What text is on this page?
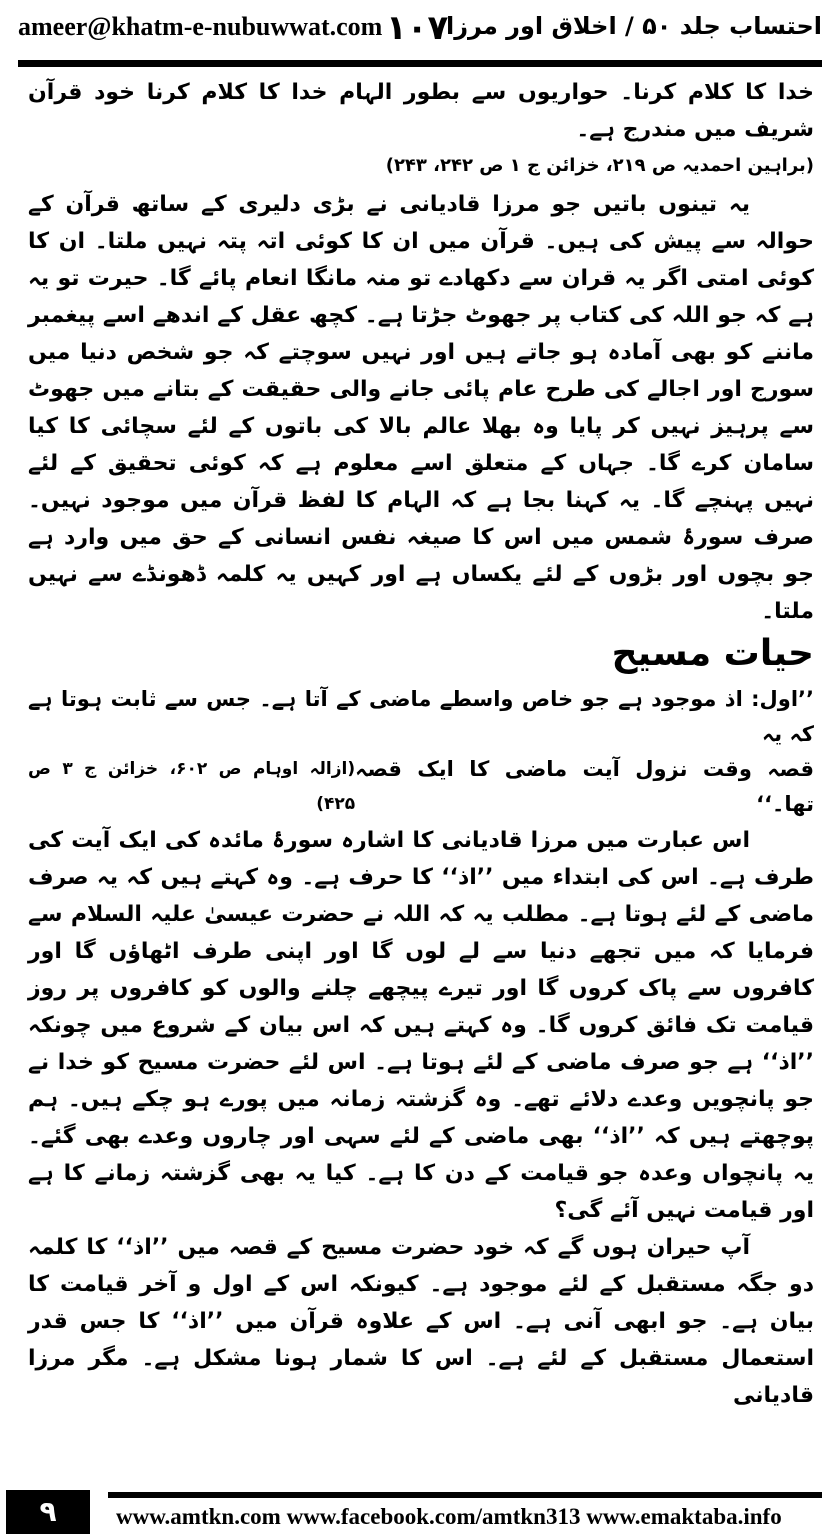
ameer@khatm-e-nubuwwat.com ۱۰۷
احتساب جلد ۵۰ / اخلاق اور مرزا

خدا کا کلام کرنا۔ حواریوں سے بطور الہام خدا کا کلام کرنا خود قرآن شریف میں مندرج ہے۔

(براہین احمدیہ ص ۲۱۹، خزائن ج ۱ ص ۲۴۲، ۲۴۳)

یہ تینوں باتیں جو مرزا قادیانی نے بڑی دلیری کے ساتھ قرآن کے حوالہ سے پیش کی ہیں۔ قرآن میں ان کا کوئی اتہ پتہ نہیں ملتا۔ ان کا کوئی امتی اگر یہ قران سے دکھادے تو منہ مانگا انعام پائے گا۔ حیرت تو یہ ہے کہ جو اللہ کی کتاب پر جھوٹ جڑتا ہے۔ کچھ عقل کے اندھے اسے پیغمبر ماننے کو بھی آمادہ ہو جاتے ہیں اور نہیں سوچتے کہ جو شخص دنیا میں سورج اور اجالے کی طرح عام پائی جانے والی حقیقت کے بتانے میں جھوٹ سے پرہیز نہیں کر پایا وہ بھلا عالم بالا کی باتوں کے لئے سچائی کا کیا سامان کرے گا۔ جہاں کے متعلق اسے معلوم ہے کہ کوئی تحقیق کے لئے نہیں پہنچے گا۔ یہ کہنا بجا ہے کہ الہام کا لفظ قرآن میں موجود نہیں۔ صرف سورۂ شمس میں اس کا صیغہ نفس انسانی کے حق میں وارد ہے جو بچوں اور بڑوں کے لئے یکساں ہے اور کہیں یہ کلمہ ڈھونڈے سے نہیں ملتا۔

حیات مسیح

’’اول: اذ موجود ہے جو خاص واسطے ماضی کے آتا ہے۔ جس سے ثابت ہوتا ہے کہ یہ

قصہ وقت نزول آیت ماضی کا ایک قصہ تھا۔‘‘
(ازالہ اوہام ص ۶۰۲، خزائن ج ۳ ص ۴۲۵)

اس عبارت میں مرزا قادیانی کا اشارہ سورۂ مائدہ کی ایک آیت کی طرف ہے۔ اس کی ابتداء میں ’’اذ‘‘ کا حرف ہے۔ وہ کہتے ہیں کہ یہ صرف ماضی کے لئے ہوتا ہے۔ مطلب یہ کہ اللہ نے حضرت عیسیٰ علیہ السلام سے فرمایا کہ میں تجھے دنیا سے لے لوں گا اور اپنی طرف اٹھاؤں گا اور کافروں سے پاک کروں گا اور تیرے پیچھے چلنے والوں کو کافروں پر روز قیامت تک فائق کروں گا۔ وہ کہتے ہیں کہ اس بیان کے شروع میں چونکہ ’’اذ‘‘ ہے جو صرف ماضی کے لئے ہوتا ہے۔ اس لئے حضرت مسیح کو خدا نے جو پانچویں وعدے دلائے تھے۔ وہ گزشتہ زمانہ میں پورے ہو چکے ہیں۔ ہم پوچھتے ہیں کہ ’’اذ‘‘ بھی ماضی کے لئے سہی اور چاروں وعدے بھی گئے۔ یہ پانچواں وعدہ جو قیامت کے دن کا ہے۔ کیا یہ بھی گزشتہ زمانے کا ہے اور قیامت نہیں آئے گی؟

آپ حیران ہوں گے کہ خود حضرت مسیح کے قصہ میں ’’اذ‘‘ کا کلمہ دو جگہ مستقبل کے لئے موجود ہے۔ کیونکہ اس کے اول و آخر قیامت کا بیان ہے۔ جو ابھی آنی ہے۔ اس کے علاوہ قرآن میں ’’اذ‘‘ کا جس قدر استعمال مستقبل کے لئے ہے۔ اس کا شمار ہونا مشکل ہے۔ مگر مرزا قادیانی

۹	www.amtkn.com www.facebook.com/amtkn313 www.emaktaba.info
